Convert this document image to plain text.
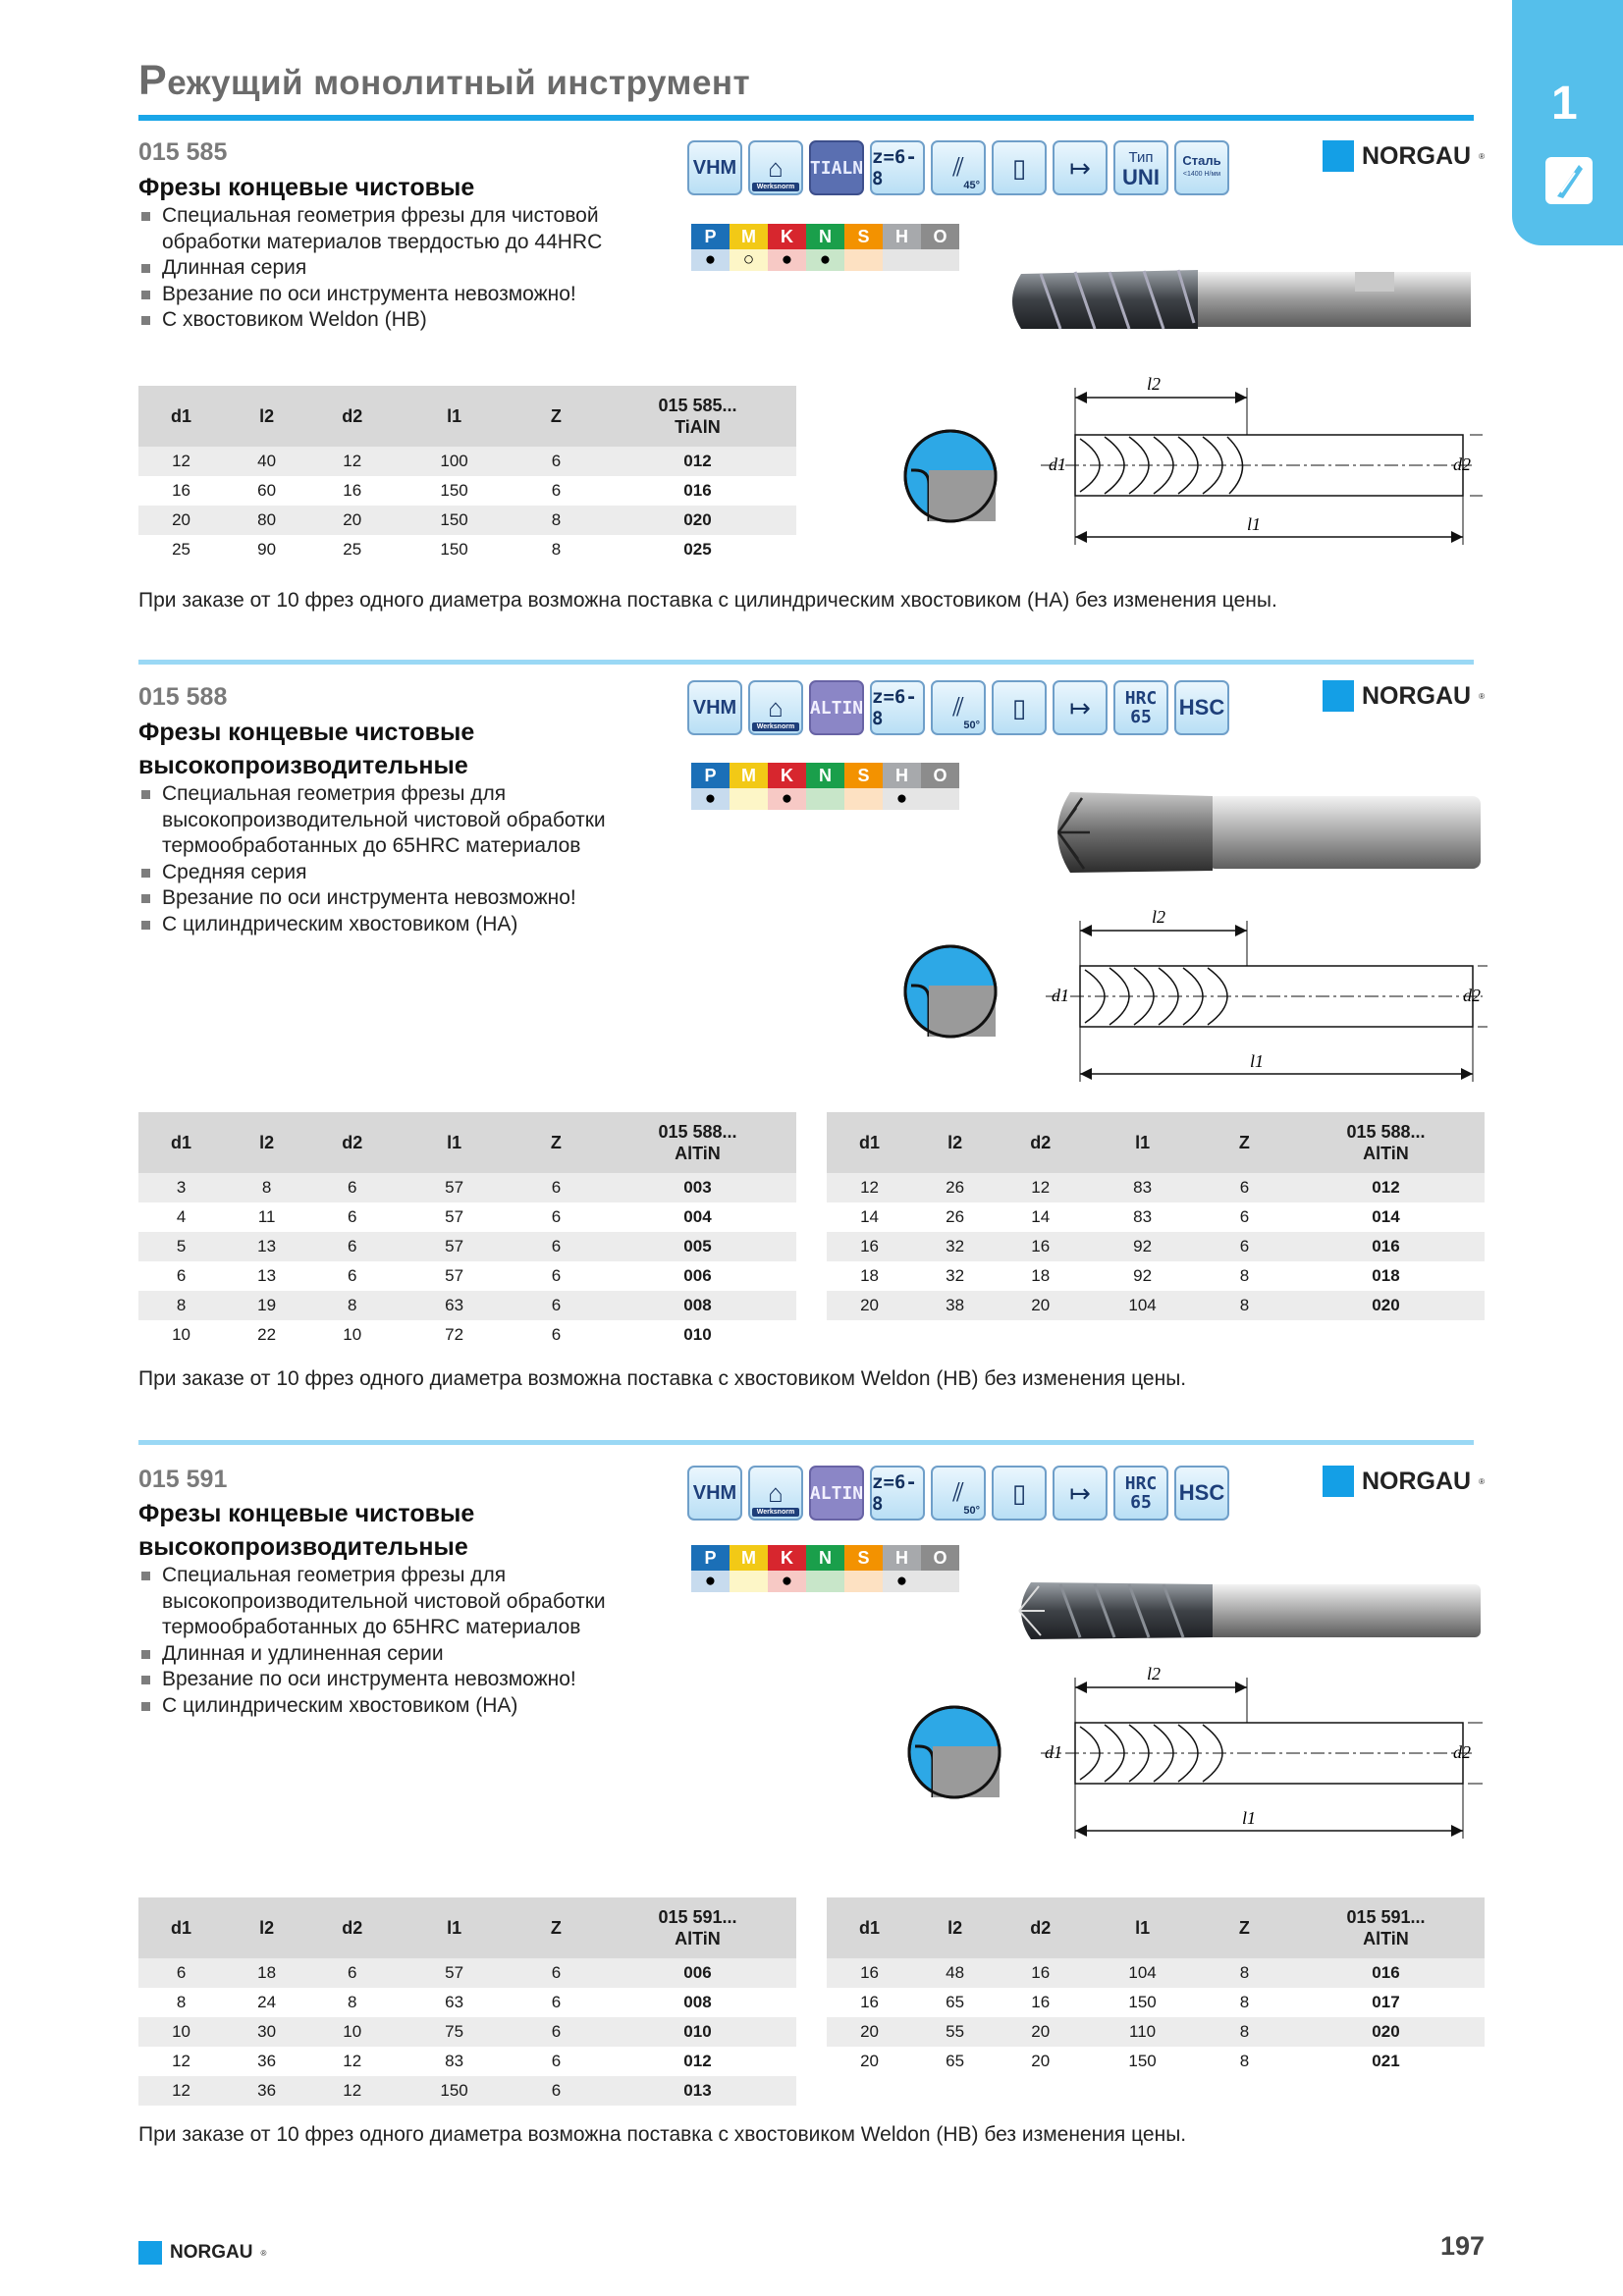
Режущий монолитный инструмент	1
015 585
Фрезы концевые чистовые
Специальная геометрия фрезы для чистовой обработки материалов твердостью до 44HRC
Длинная серия
Врезание по оси инструмента невозможно!
С хвостовиком Weldon (HB)
VHM ⌂
Werksnorm
TIALN z=6-8	⫽
45°
▯ ↦	Тип
UNI
Сталь
<1400 Н/мм
NORGAU ®
P	M	K	N	S	H	O
●	○	●	●
l2
d1	d2
l1
d1	l2	d2	l1	Z	015 585...
TiAlN

12	40	12	100	6	012
16	60	16	150	6	016
20	80	20	150	8	020
25	90	25	150	8	025
При заказе от 10 фрез одного диаметра возможна поставка с цилиндрическим хвостовиком (НА) без изменения цены.
015 588
Фрезы концевые чистовые высокопроизводительные
Специальная геометрия фрезы для высокопроизводительной чистовой обработки термообработанных до 65HRC материалов
Средняя серия
Врезание по оси инструмента невозможно!
С цилиндрическим хвостовиком (НА)
VHM ⌂
Werksnorm
ALTIN z=6-8	⫽
50°
▯ ↦ HRC
65 HSC	NORGAU ®
P	M	K	N	S	H	O
●	●	●
l2
d1	d2
l1
d1	l2	d2	l1	Z	015 588...
AlTiN

3	8	6	57	6	003
4	11	6	57	6	004
5	13	6	57	6	005
6	13	6	57	6	006
8	19	8	63	6	008
10	22	10	72	6	010
d1	l2	d2	l1	Z	015 588...
AlTiN

12	26	12	83	6	012
14	26	14	83	6	014
16	32	16	92	6	016
18	32	18	92	8	018
20	38	20	104	8	020
При заказе от 10 фрез одного диаметра возможна поставка с хвостовиком Weldon (НВ) без изменения цены.
015 591
Фрезы концевые чистовые высокопроизводительные
Специальная геометрия фрезы для высокопроизводительной чистовой обработки термообработанных до 65HRC материалов
Длинная и удлиненная серии
Врезание по оси инструмента невозможно!
С цилиндрическим хвостовиком (НА)
VHM ⌂
Werksnorm
ALTIN z=6-8	⫽
50°
▯ ↦ HRC
65 HSC	NORGAU ®
P	M	K	N	S	H	O
●	●	●
l2
d1	d2
l1
d1	l2	d2	l1	Z	015 591...
AlTiN

6	18	6	57	6	006
8	24	8	63	6	008
10	30	10	75	6	010
12	36	12	83	6	012
12	36	12	150	6	013
d1	l2	d2	l1	Z	015 591...
AlTiN

16	48	16	104	8	016
16	65	16	150	8	017
20	55	20	110	8	020
20	65	20	150	8	021
При заказе от 10 фрез одного диаметра возможна поставка с хвостовиком Weldon (НВ) без изменения цены.
NORGAU ®	197
